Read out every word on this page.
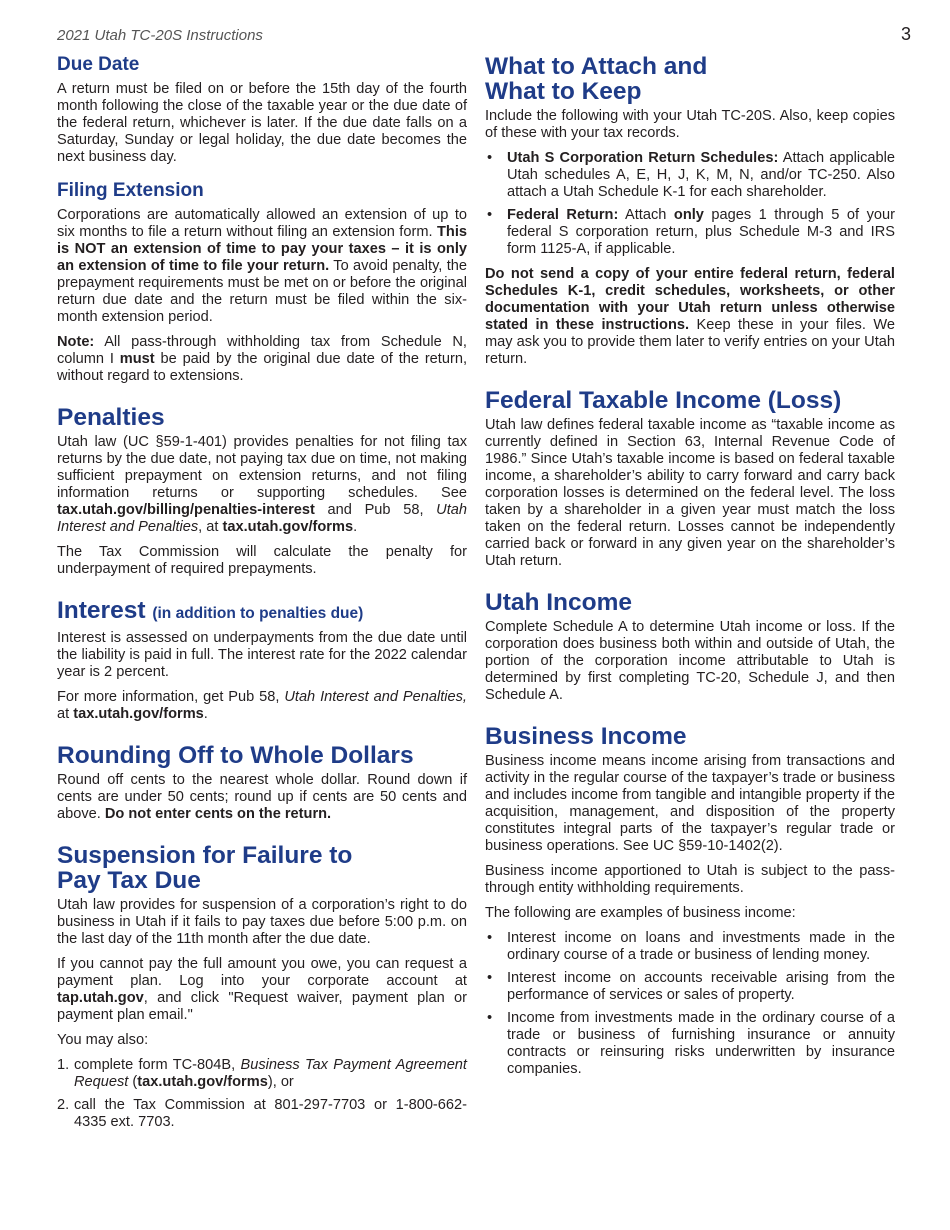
2021 Utah TC-20S Instructions	3
Due Date

A return must be filed on or before the 15th day of the fourth month following the close of the taxable year or the due date of the federal return, whichever is later. If the due date falls on a Saturday, Sunday or legal holiday, the due date becomes the next business day.

Filing Extension

Corporations are automatically allowed an extension of up to six months to file a return without filing an extension form. This is NOT an extension of time to pay your taxes – it is only an extension of time to file your return. To avoid penalty, the prepayment requirements must be met on or before the original return due date and the return must be filed within the six-month extension period.

Note: All pass-through withholding tax from Schedule N, column I must be paid by the original due date of the return, without regard to extensions.

Penalties

Utah law (UC §59-1-401) provides penalties for not filing tax returns by the due date, not paying tax due on time, not making sufficient prepayment on extension returns, and not filing information returns or supporting schedules. See tax.utah.gov/billing/penalties-interest and Pub 58, Utah Interest and Penalties, at tax.utah.gov/forms.

The Tax Commission will calculate the penalty for underpayment of required prepayments.

Interest (in addition to penalties due)

Interest is assessed on underpayments from the due date until the liability is paid in full. The interest rate for the 2022 calendar year is 2 percent.

For more information, get Pub 58, Utah Interest and Penalties, at tax.utah.gov/forms.

Rounding Off to Whole Dollars

Round off cents to the nearest whole dollar. Round down if cents are under 50 cents; round up if cents are 50 cents and above. Do not enter cents on the return.

Suspension for Failure to
Pay Tax Due

Utah law provides for suspension of a corporation’s right to do business in Utah if it fails to pay taxes due before 5:00 p.m. on the last day of the 11th month after the due date.

If you cannot pay the full amount you owe, you can request a payment plan. Log into your corporate account at tap.utah.gov, and click "Request waiver, payment plan or payment plan email."

You may also:

1. complete form TC-804B, Business Tax Payment Agreement Request (tax.utah.gov/forms), or
2. call the Tax Commission at 801-297-7703 or 1-800-662-4335 ext. 7703.
What to Attach and
What to Keep

Include the following with your Utah TC-20S. Also, keep copies of these with your tax records.

• Utah S Corporation Return Schedules: Attach applicable Utah schedules A, E, H, J, K, M, N, and/or TC-250. Also attach a Utah Schedule K-1 for each shareholder.
• Federal Return: Attach only pages 1 through 5 of your federal S corporation return, plus Schedule M-3 and IRS form 1125-A, if applicable.

Do not send a copy of your entire federal return, federal Schedules K-1, credit schedules, worksheets, or other documentation with your Utah return unless otherwise stated in these instructions. Keep these in your files. We may ask you to provide them later to verify entries on your Utah return.

Federal Taxable Income (Loss)

Utah law defines federal taxable income as “taxable income as currently defined in Section 63, Internal Revenue Code of 1986.” Since Utah’s taxable income is based on federal taxable income, a shareholder’s ability to carry forward and carry back corporation losses is determined on the federal level. The loss taken by a shareholder in a given year must match the loss taken on the federal return. Losses cannot be independently carried back or forward in any given year on the shareholder’s Utah return.

Utah Income

Complete Schedule A to determine Utah income or loss. If the corporation does business both within and outside of Utah, the portion of the corporation income attributable to Utah is determined by first completing TC-20, Schedule J, and then Schedule A.

Business Income

Business income means income arising from transactions and activity in the regular course of the taxpayer’s trade or business and includes income from tangible and intangible property if the acquisition, management, and disposition of the property constitutes integral parts of the taxpayer’s regular trade or business operations. See UC §59-10-1402(2).

Business income apportioned to Utah is subject to the pass-through entity withholding requirements.

The following are examples of business income:

• Interest income on loans and investments made in the ordinary course of a trade or business of lending money.
• Interest income on accounts receivable arising from the performance of services or sales of property.
• Income from investments made in the ordinary course of a trade or business of furnishing insurance or annuity contracts or reinsuring risks underwritten by insurance companies.
